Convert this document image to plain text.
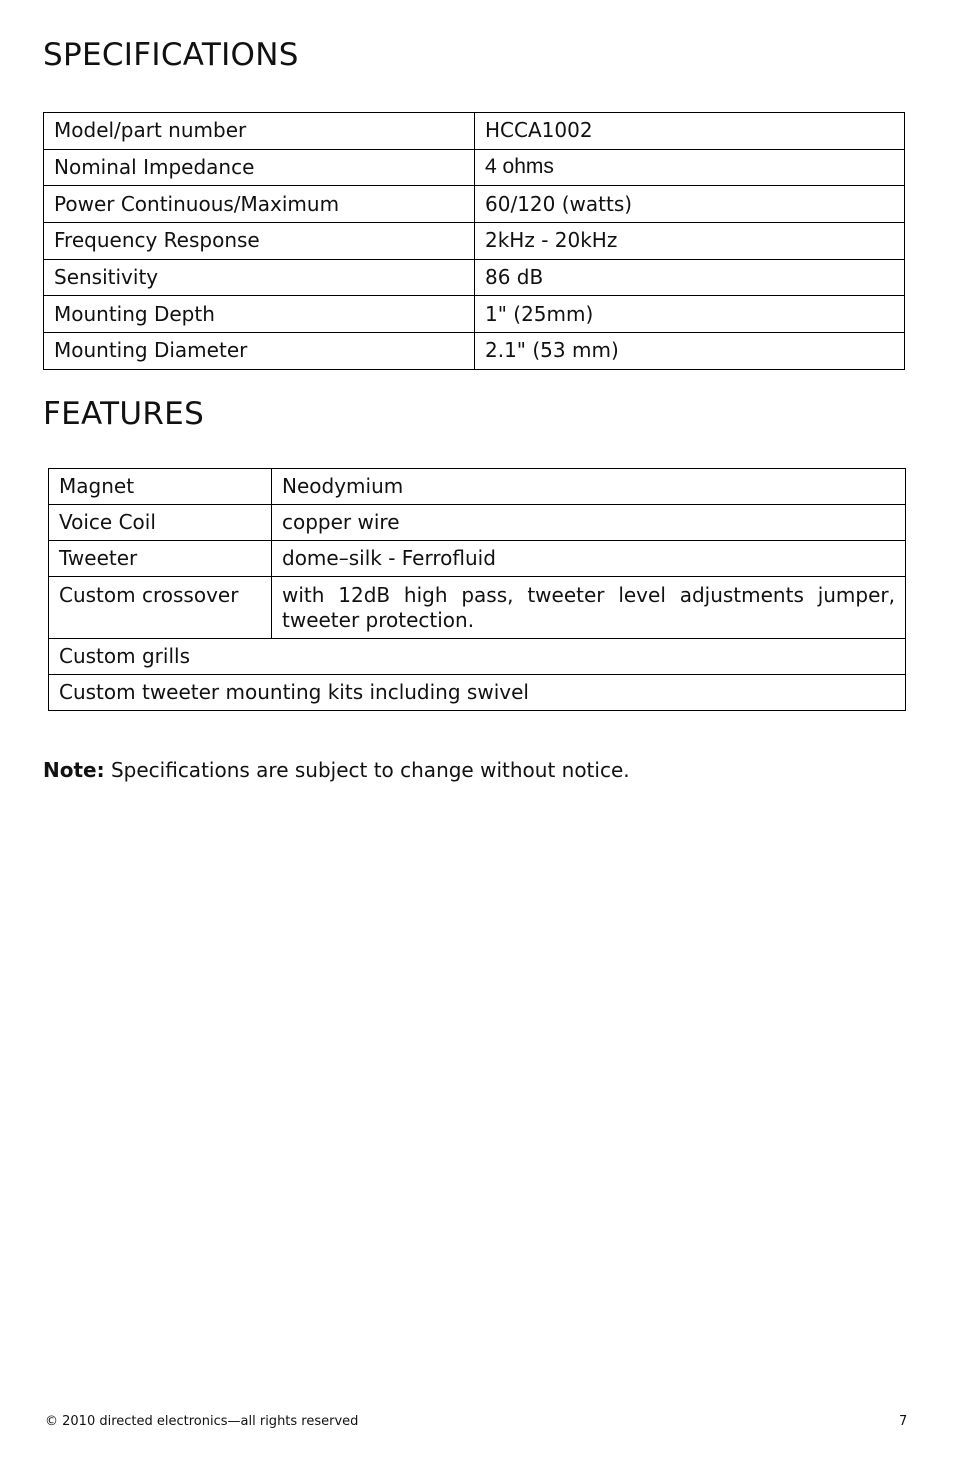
SPECIFICATIONS
Model/part number	HCCA1002
Nominal Impedance	4 ohms
Power Continuous/Maximum	60/120 (watts)
Frequency Response	2kHz - 20kHz
Sensitivity	86 dB
Mounting Depth	1" (25mm)
Mounting Diameter	2.1" (53 mm)
FEATURES
Magnet	Neodymium
Voice Coil	copper wire
Tweeter	dome–silk - Ferrofluid
Custom crossover	with 12dB high pass, tweeter level adjustments jumper, tweeter protection.
Custom grills	
Custom tweeter mounting kits including swivel	

Note: Specifications are subject to change without notice.

© 2010 directed electronics—all rights reserved	7
